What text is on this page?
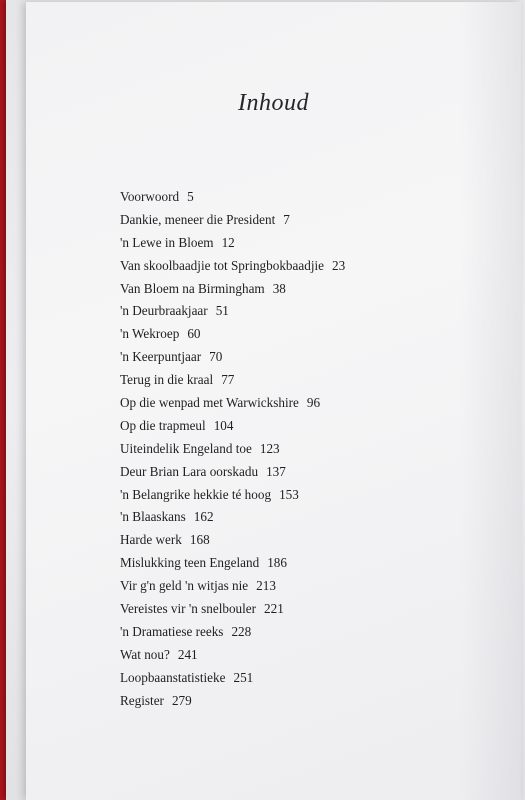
Inhoud
Voorwoord 5
Dankie, meneer die President 7
'n Lewe in Bloem 12
Van skoolbaadjie tot Springbokbaadjie 23
Van Bloem na Birmingham 38
'n Deurbraakjaar 51
'n Wekroep 60
'n Keerpuntjaar 70
Terug in die kraal 77
Op die wenpad met Warwickshire 96
Op die trapmeul 104
Uiteindelik Engeland toe 123
Deur Brian Lara oorskadu 137
'n Belangrike hekkie té hoog 153
'n Blaaskans 162
Harde werk 168
Mislukking teen Engeland 186
Vir g'n geld 'n witjas nie 213
Vereistes vir 'n snelbouler 221
'n Dramatiese reeks 228
Wat nou? 241
Loopbaanstatistieke 251
Register 279
